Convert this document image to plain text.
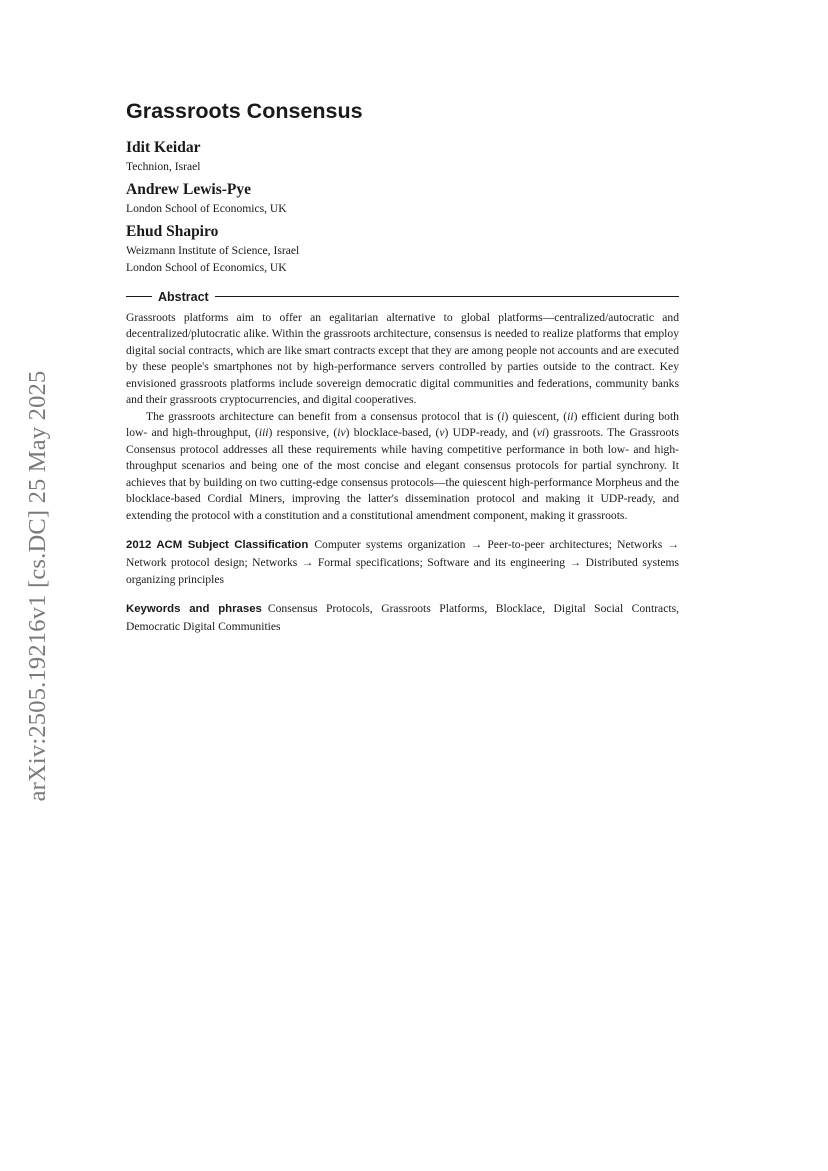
arXiv:2505.19216v1 [cs.DC] 25 May 2025
Grassroots Consensus
Idit Keidar
Technion, Israel
Andrew Lewis-Pye
London School of Economics, UK
Ehud Shapiro
Weizmann Institute of Science, Israel
London School of Economics, UK
Abstract

Grassroots platforms aim to offer an egalitarian alternative to global platforms—centralized/autocratic and decentralized/plutocratic alike. Within the grassroots architecture, consensus is needed to realize platforms that employ digital social contracts, which are like smart contracts except that they are among people not accounts and are executed by these people's smartphones not by high-performance servers controlled by parties outside to the contract. Key envisioned grassroots platforms include sovereign democratic digital communities and federations, community banks and their grassroots cryptocurrencies, and digital cooperatives.

The grassroots architecture can benefit from a consensus protocol that is (i) quiescent, (ii) efficient during both low- and high-throughput, (iii) responsive, (iv) blocklace-based, (v) UDP-ready, and (vi) grassroots. The Grassroots Consensus protocol addresses all these requirements while having competitive performance in both low- and high-throughput scenarios and being one of the most concise and elegant consensus protocols for partial synchrony. It achieves that by building on two cutting-edge consensus protocols—the quiescent high-performance Morpheus and the blocklace-based Cordial Miners, improving the latter's dissemination protocol and making it UDP-ready, and extending the protocol with a constitution and a constitutional amendment component, making it grassroots.

2012 ACM Subject Classification Computer systems organization → Peer-to-peer architectures; Networks → Network protocol design; Networks → Formal specifications; Software and its engineering → Distributed systems organizing principles
Keywords and phrases Consensus Protocols, Grassroots Platforms, Blocklace, Digital Social Contracts, Democratic Digital Communities
